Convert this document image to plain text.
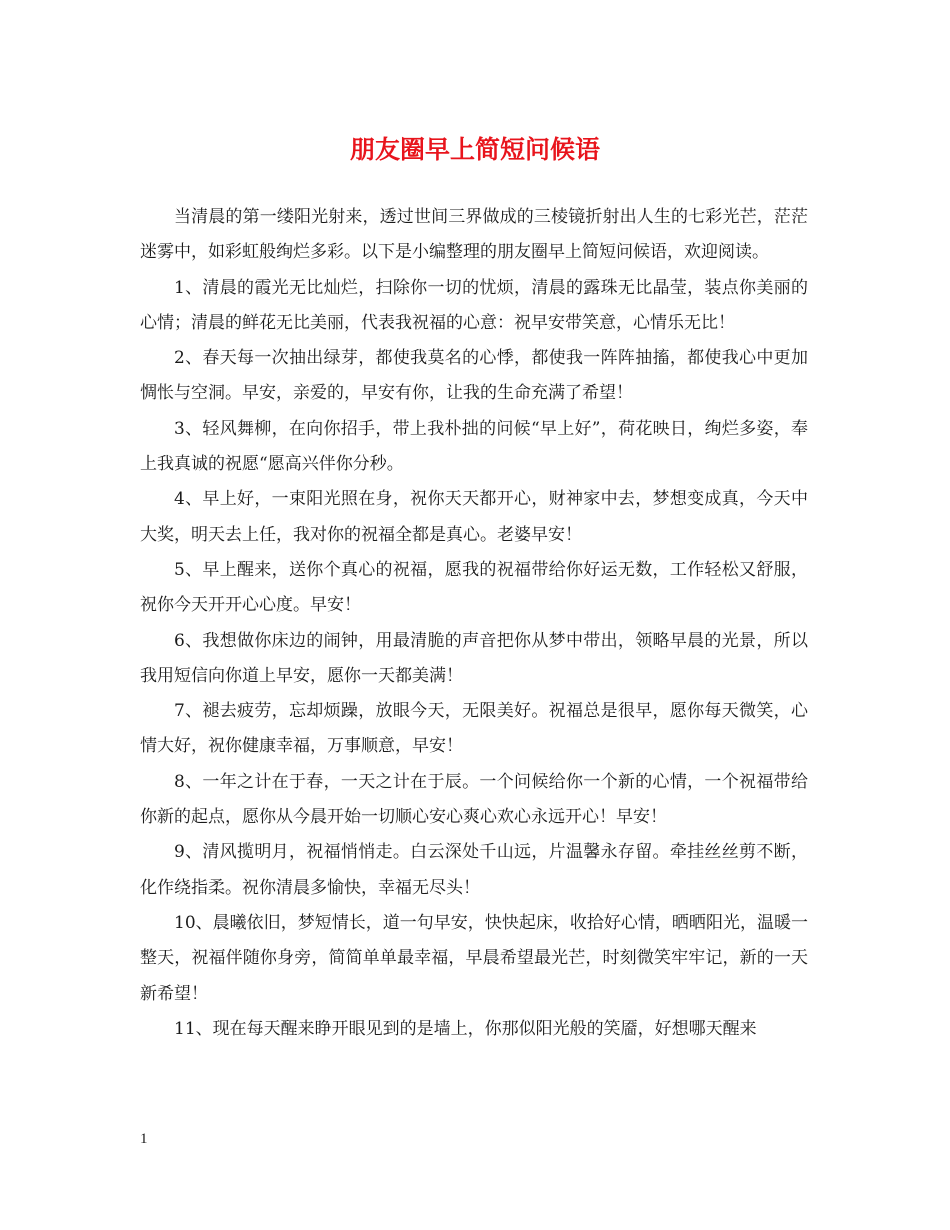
朋友圈早上简短问候语

当清晨的第一缕阳光射来，透过世间三界做成的三棱镜折射出人生的七彩光芒，茫茫迷雾中，如彩虹般绚烂多彩。以下是小编整理的朋友圈早上简短问候语，欢迎阅读。

1、清晨的霞光无比灿烂，扫除你一切的忧烦，清晨的露珠无比晶莹，装点你美丽的心情；清晨的鲜花无比美丽，代表我祝福的心意：祝早安带笑意，心情乐无比！

2、春天每一次抽出绿芽，都使我莫名的心悸，都使我一阵阵抽搐，都使我心中更加惆怅与空洞。早安，亲爱的，早安有你，让我的生命充满了希望！

3、轻风舞柳，在向你招手，带上我朴拙的问候“早上好”，荷花映日，绚烂多姿，奉上我真诚的祝愿“愿高兴伴你分秒。

4、早上好，一束阳光照在身，祝你天天都开心，财神家中去，梦想变成真，今天中大奖，明天去上任，我对你的祝福全都是真心。老婆早安！

5、早上醒来，送你个真心的祝福，愿我的祝福带给你好运无数，工作轻松又舒服，祝你今天开开心心度。早安！

6、我想做你床边的闹钟，用最清脆的声音把你从梦中带出，领略早晨的光景，所以我用短信向你道上早安，愿你一天都美满！

7、褪去疲劳，忘却烦躁，放眼今天，无限美好。祝福总是很早，愿你每天微笑，心情大好，祝你健康幸福，万事顺意，早安！

8、一年之计在于春，一天之计在于辰。一个问候给你一个新的心情，一个祝福带给你新的起点，愿你从今晨开始一切顺心安心爽心欢心永远开心！早安！

9、清风揽明月，祝福悄悄走。白云深处千山远，片温馨永存留。牵挂丝丝剪不断，化作绕指柔。祝你清晨多愉快，幸福无尽头！

10、晨曦依旧，梦短情长，道一句早安，快快起床，收拾好心情，晒晒阳光，温暖一整天，祝福伴随你身旁，简简单单最幸福，早晨希望最光芒，时刻微笑牢牢记，新的一天新希望！

11、现在每天醒来睁开眼见到的是墙上，你那似阳光般的笑靥，好想哪天醒来

1
